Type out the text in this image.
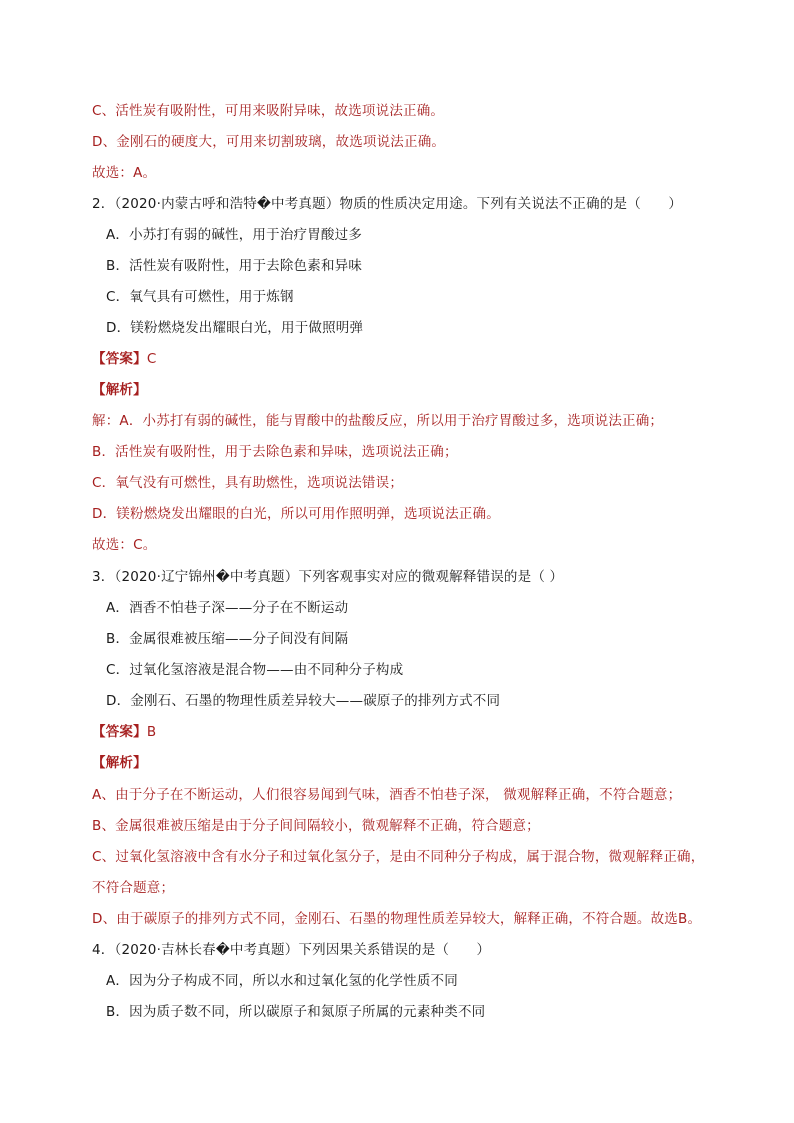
C、活性炭有吸附性，可用来吸附异味，故选项说法正确。
D、金刚石的硬度大，可用来切割玻璃，故选项说法正确。
故选：A。
2．（2020·内蒙古呼和浩特�中考真题）物质的性质决定用途。下列有关说法不正确的是（　　）
A．小苏打有弱的碱性，用于治疗胃酸过多
B．活性炭有吸附性，用于去除色素和异味
C．氧气具有可燃性，用于炼钢
D．镁粉燃烧发出耀眼白光，用于做照明弹
【答案】C
【解析】
解：A．小苏打有弱的碱性，能与胃酸中的盐酸反应，所以用于治疗胃酸过多，选项说法正确；
B．活性炭有吸附性，用于去除色素和异味，选项说法正确；
C．氧气没有可燃性，具有助燃性，选项说法错误；
D．镁粉燃烧发出耀眼的白光，所以可用作照明弹，选项说法正确。
故选：C。
3．（2020·辽宁锦州�中考真题）下列客观事实对应的微观解释错误的是（ ）
A．酒香不怕巷子深——分子在不断运动
B．金属很难被压缩——分子间没有间隔
C．过氧化氢溶液是混合物——由不同种分子构成
D．金刚石、石墨的物理性质差异较大——碳原子的排列方式不同
【答案】B
【解析】
A、由于分子在不断运动，人们很容易闻到气味，酒香不怕巷子深， 微观解释正确，不符合题意；
B、金属很难被压缩是由于分子间间隔较小，微观解释不正确，符合题意；
C、过氧化氢溶液中含有水分子和过氧化氢分子，是由不同种分子构成，属于混合物，微观解释正确，
不符合题意；
D、由于碳原子的排列方式不同，金刚石、石墨的物理性质差异较大，解释正确，不符合题。故选B。
4．（2020·吉林长春�中考真题）下列因果关系错误的是（　　）
A．因为分子构成不同，所以水和过氧化氢的化学性质不同
B．因为质子数不同，所以碳原子和氮原子所属的元素种类不同
